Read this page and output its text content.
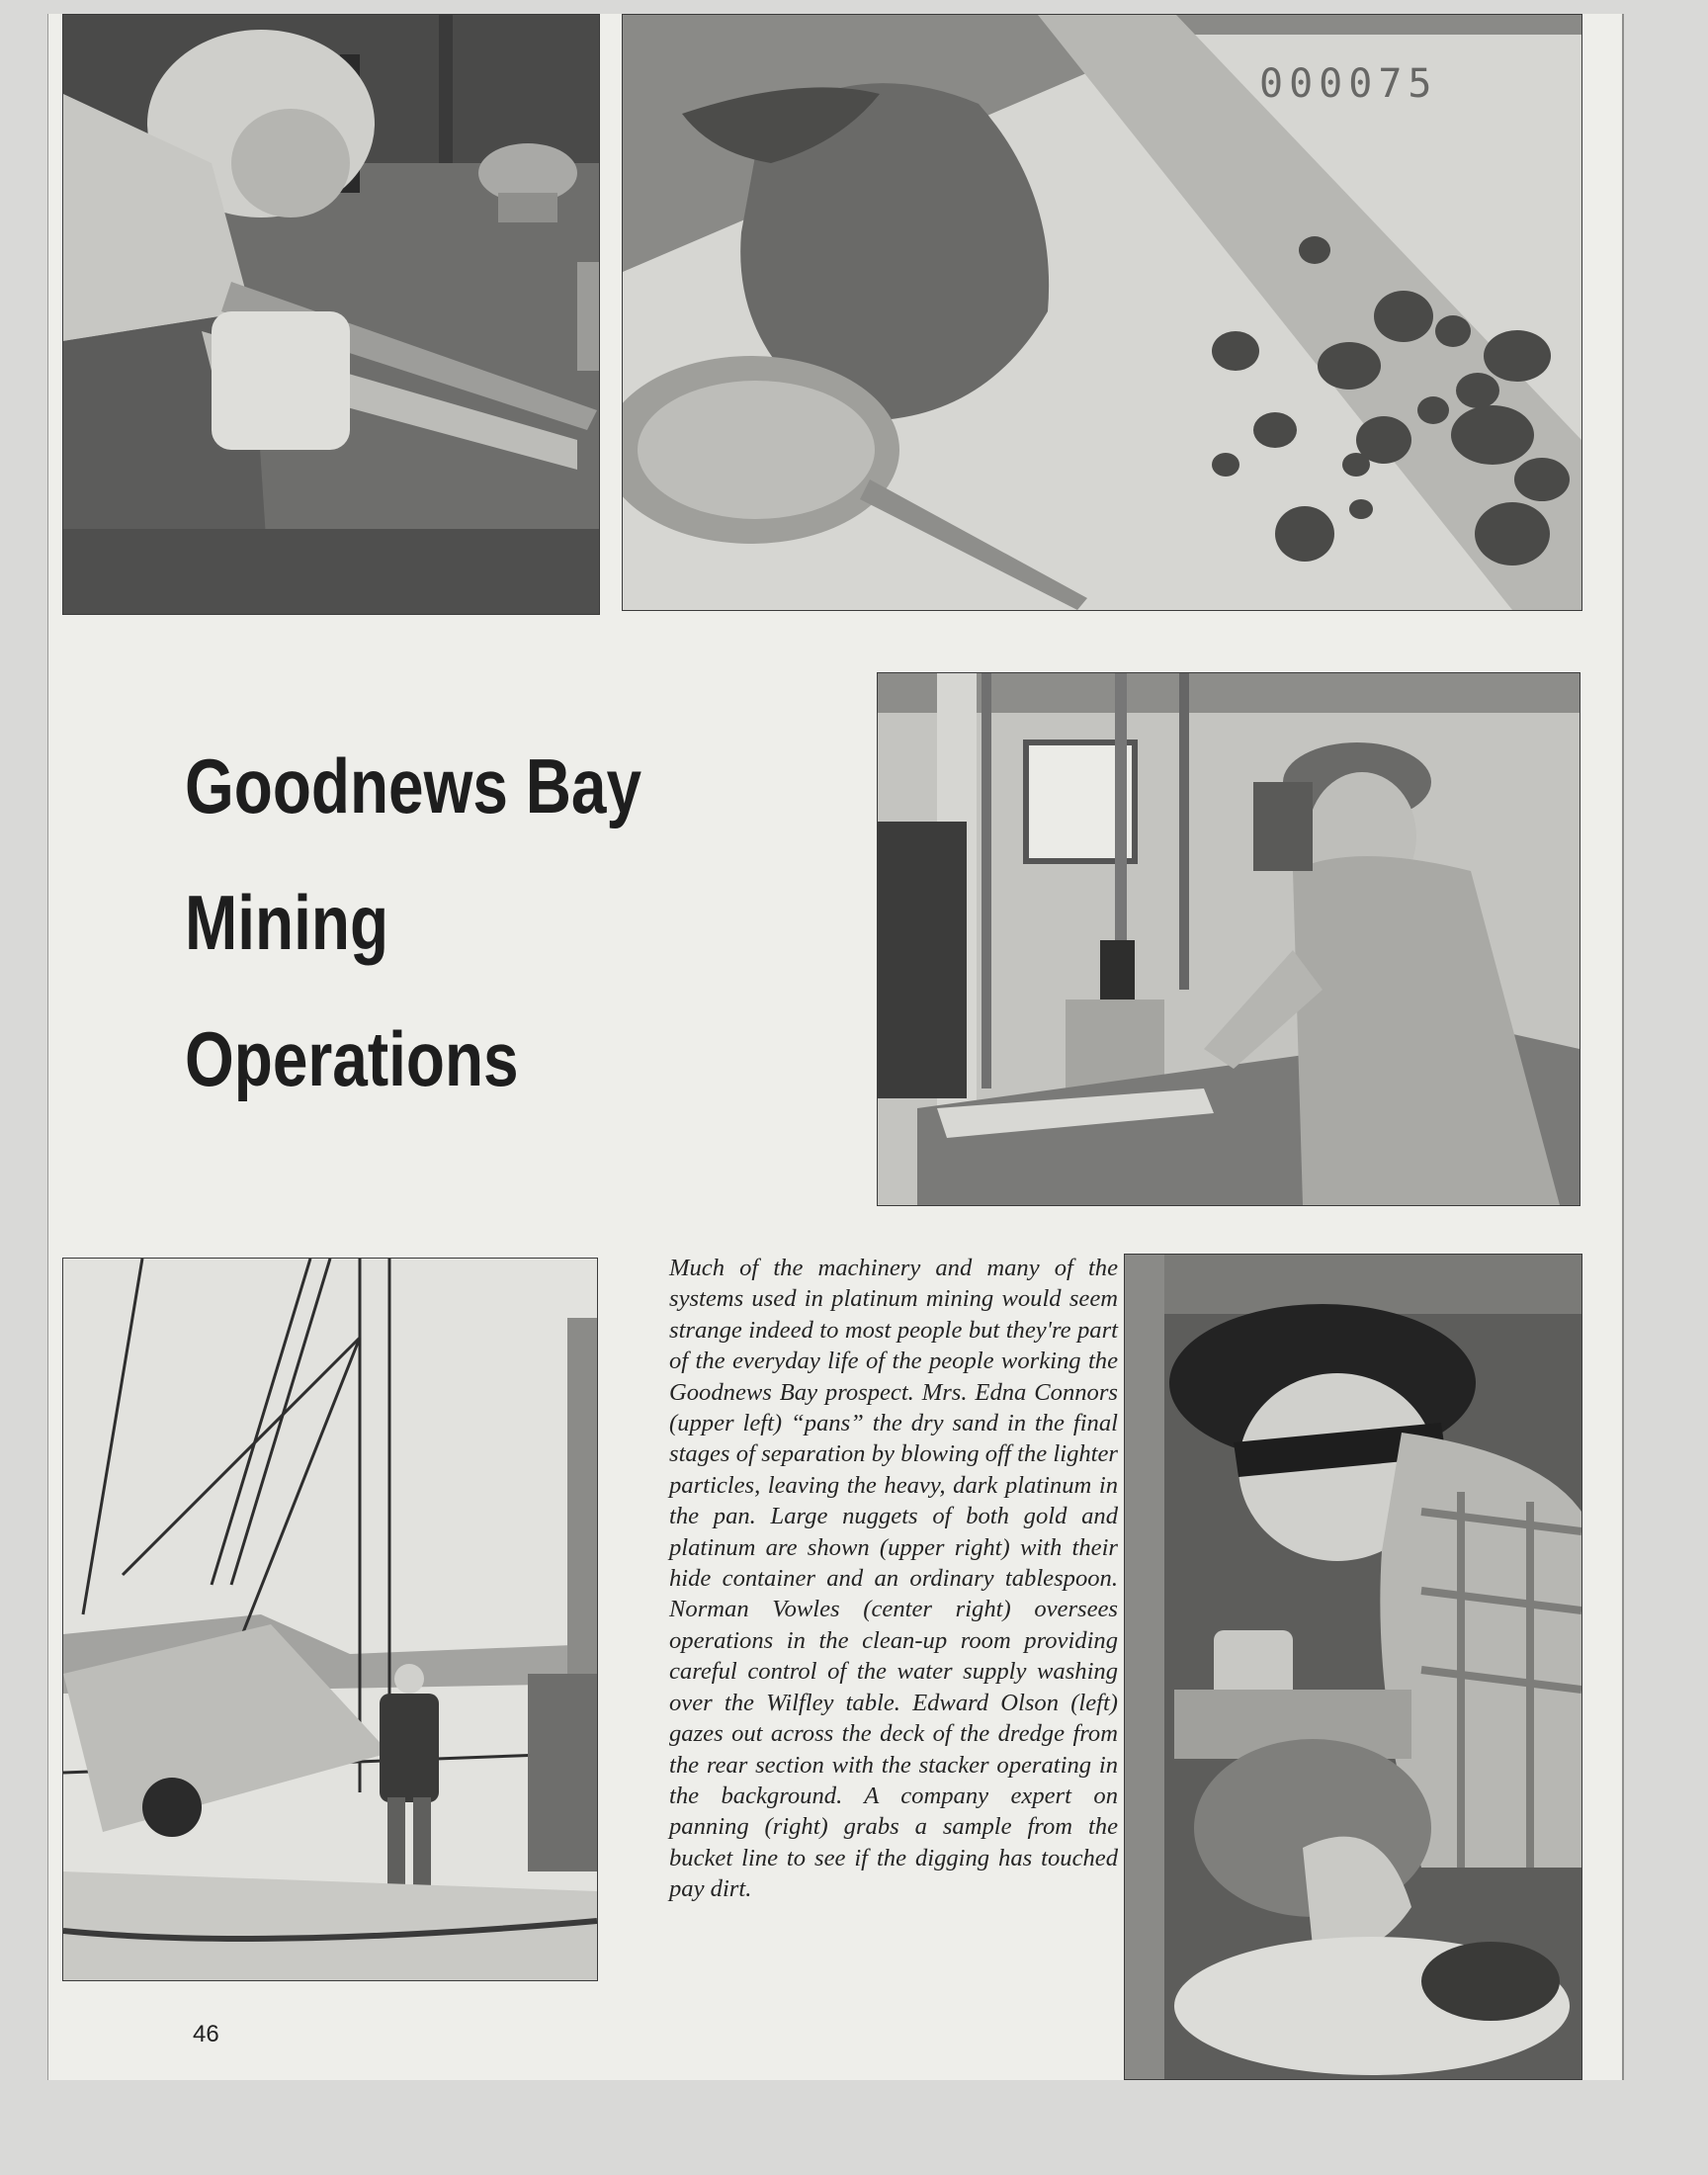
000075
Goodnews Bay
Mining
Operations

Much of the machinery and many of the systems used in platinum mining would seem strange indeed to most people but they're part of the everyday life of the people working the Goodnews Bay prospect. Mrs. Edna Connors (upper left) “pans” the dry sand in the final stages of separation by blowing off the lighter particles, leaving the heavy, dark platinum in the pan. Large nuggets of both gold and platinum are shown (upper right) with their hide container and an ordinary tablespoon. Norman Vowles (center right) oversees operations in the clean-up room providing careful control of the water supply washing over the Wilfley table. Edward Olson (left) gazes out across the deck of the dredge from the rear section with the stacker operating in the background. A company expert on panning (right) grabs a sample from the bucket line to see if the digging has touched pay dirt.

46
